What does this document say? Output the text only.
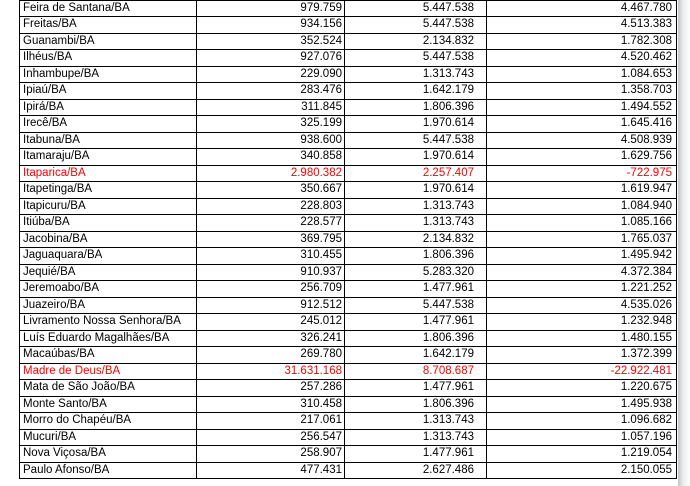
Feira de Santana/BA	979.759	5.447.538	4.467.780
Freitas/BA	934.156	5.447.538	4.513.383
Guanambi/BA	352.524	2.134.832	1.782.308
Ilhéus/BA	927.076	5.447.538	4.520.462
Inhambupe/BA	229.090	1.313.743	1.084.653
Ipiaú/BA	283.476	1.642.179	1.358.703
Ipirá/BA	311.845	1.806.396	1.494.552
Irecê/BA	325.199	1.970.614	1.645.416
Itabuna/BA	938.600	5.447.538	4.508.939
Itamaraju/BA	340.858	1.970.614	1.629.756
Itaparica/BA	2.980.382	2.257.407	-722.975
Itapetinga/BA	350.667	1.970.614	1.619.947
Itapicuru/BA	228.803	1.313.743	1.084.940
Itiúba/BA	228.577	1.313.743	1.085.166
Jacobina/BA	369.795	2.134.832	1.765.037
Jaguaquara/BA	310.455	1.806.396	1.495.942
Jequié/BA	910.937	5.283.320	4.372.384
Jeremoabo/BA	256.709	1.477.961	1.221.252
Juazeiro/BA	912.512	5.447.538	4.535.026
Livramento Nossa Senhora/BA	245.012	1.477.961	1.232.948
Luís Eduardo Magalhães/BA	326.241	1.806.396	1.480.155
Macaúbas/BA	269.780	1.642.179	1.372.399
Madre de Deus/BA	31.631.168	8.708.687	-22.922.481
Mata de São João/BA	257.286	1.477.961	1.220.675
Monte Santo/BA	310.458	1.806.396	1.495.938
Morro do Chapéu/BA	217.061	1.313.743	1.096.682
Mucuri/BA	256.547	1.313.743	1.057.196
Nova Viçosa/BA	258.907	1.477.961	1.219.054
Paulo Afonso/BA	477.431	2.627.486	2.150.055
